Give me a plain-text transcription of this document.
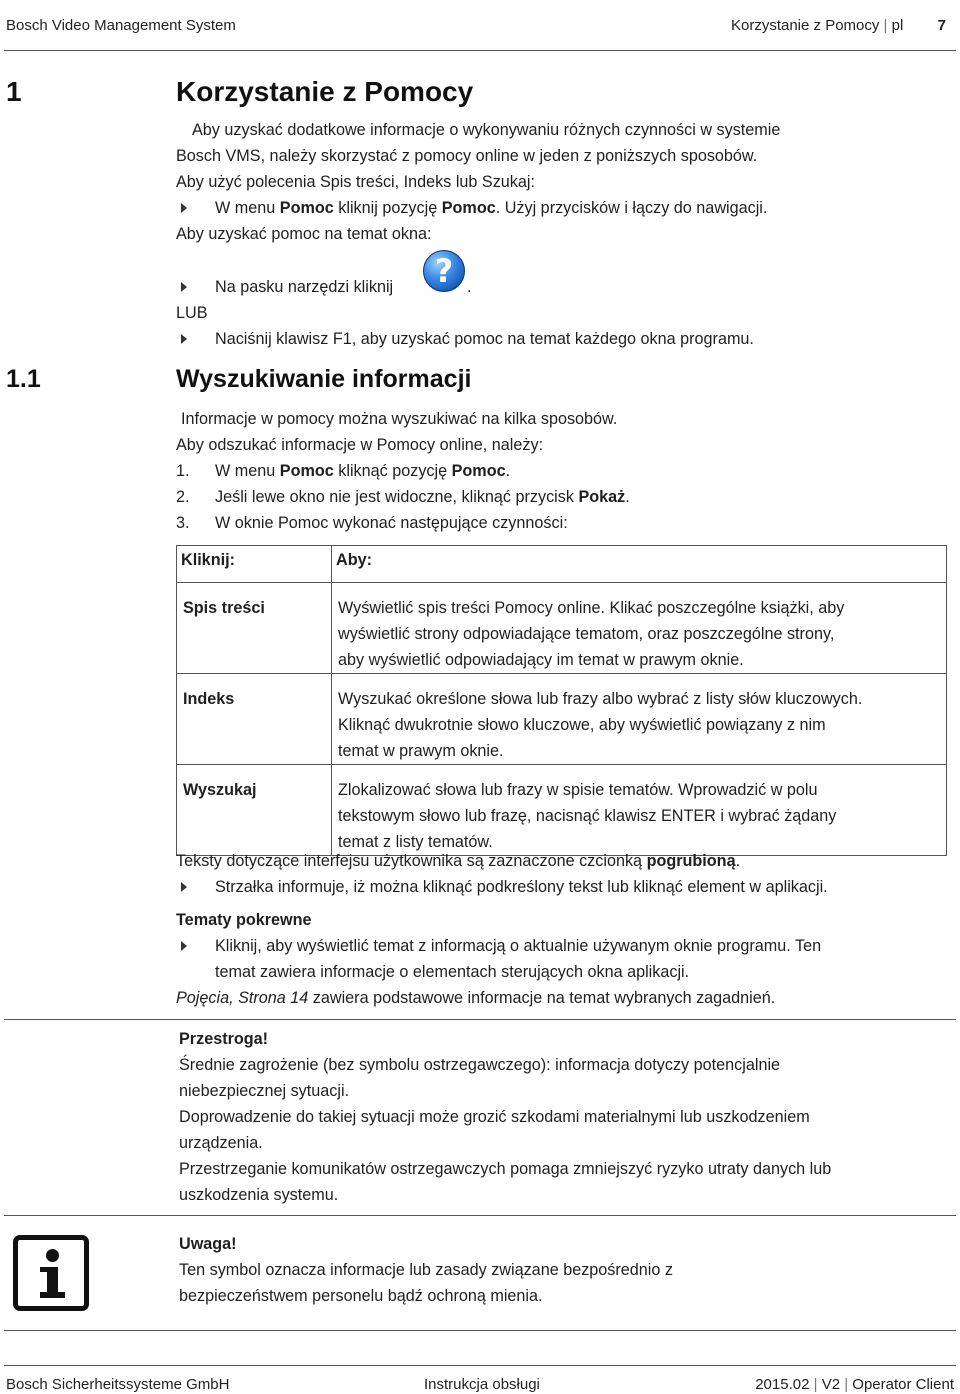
Bosch Video Management System	Korzystanie z Pomocy | pl 7
1	Korzystanie z Pomocy
Aby uzyskać dodatkowe informacje o wykonywaniu różnych czynności w systemie
Bosch VMS, należy skorzystać z pomocy online w jeden z poniższych sposobów.
Aby użyć polecenia Spis treści, Indeks lub Szukaj:
W menu Pomoc kliknij pozycję Pomoc. Użyj przycisków i łączy do nawigacji.
Aby uzyskać pomoc na temat okna:
Na pasku narzędzi kliknij	? .
LUB
Naciśnij klawisz F1, aby uzyskać pomoc na temat każdego okna programu.
1.1	Wyszukiwanie informacji
Informacje w pomocy można wyszukiwać na kilka sposobów.
Aby odszukać informacje w Pomocy online, należy:
1. W menu Pomoc kliknąć pozycję Pomoc.
2. Jeśli lewe okno nie jest widoczne, kliknąć przycisk Pokaż.
3. W oknie Pomoc wykonać następujące czynności:
Kliknij:	Aby:
Spis treści	Wyświetlić spis treści Pomocy online. Klikać poszczególne książki, aby
wyświetlić strony odpowiadające tematom, oraz poszczególne strony,
aby wyświetlić odpowiadający im temat w prawym oknie.

Indeks	Wyszukać określone słowa lub frazy albo wybrać z listy słów kluczowych.
Kliknąć dwukrotnie słowo kluczowe, aby wyświetlić powiązany z nim
temat w prawym oknie.

Wyszukaj	Zlokalizować słowa lub frazy w spisie tematów. Wprowadzić w polu
tekstowym słowo lub frazę, nacisnąć klawisz ENTER i wybrać żądany
temat z listy tematów.
Teksty dotyczące interfejsu użytkownika są zaznaczone czcionką pogrubioną.
Strzałka informuje, iż można kliknąć podkreślony tekst lub kliknąć element w aplikacji.
Tematy pokrewne
Kliknij, aby wyświetlić temat z informacją o aktualnie używanym oknie programu. Ten
temat zawiera informacje o elementach sterujących okna aplikacji.
Pojęcia, Strona 14 zawiera podstawowe informacje na temat wybranych zagadnień.
Przestroga!
Średnie zagrożenie (bez symbolu ostrzegawczego): informacja dotyczy potencjalnie
niebezpiecznej sytuacji.
Doprowadzenie do takiej sytuacji może grozić szkodami materialnymi lub uszkodzeniem
urządzenia.
Przestrzeganie komunikatów ostrzegawczych pomaga zmniejszyć ryzyko utraty danych lub
uszkodzenia systemu.
Uwaga!
Ten symbol oznacza informacje lub zasady związane bezpośrednio z
bezpieczeństwem personelu bądź ochroną mienia.
Bosch Sicherheitssysteme GmbH	Instrukcja obsługi	2015.02 | V2 | Operator Client
